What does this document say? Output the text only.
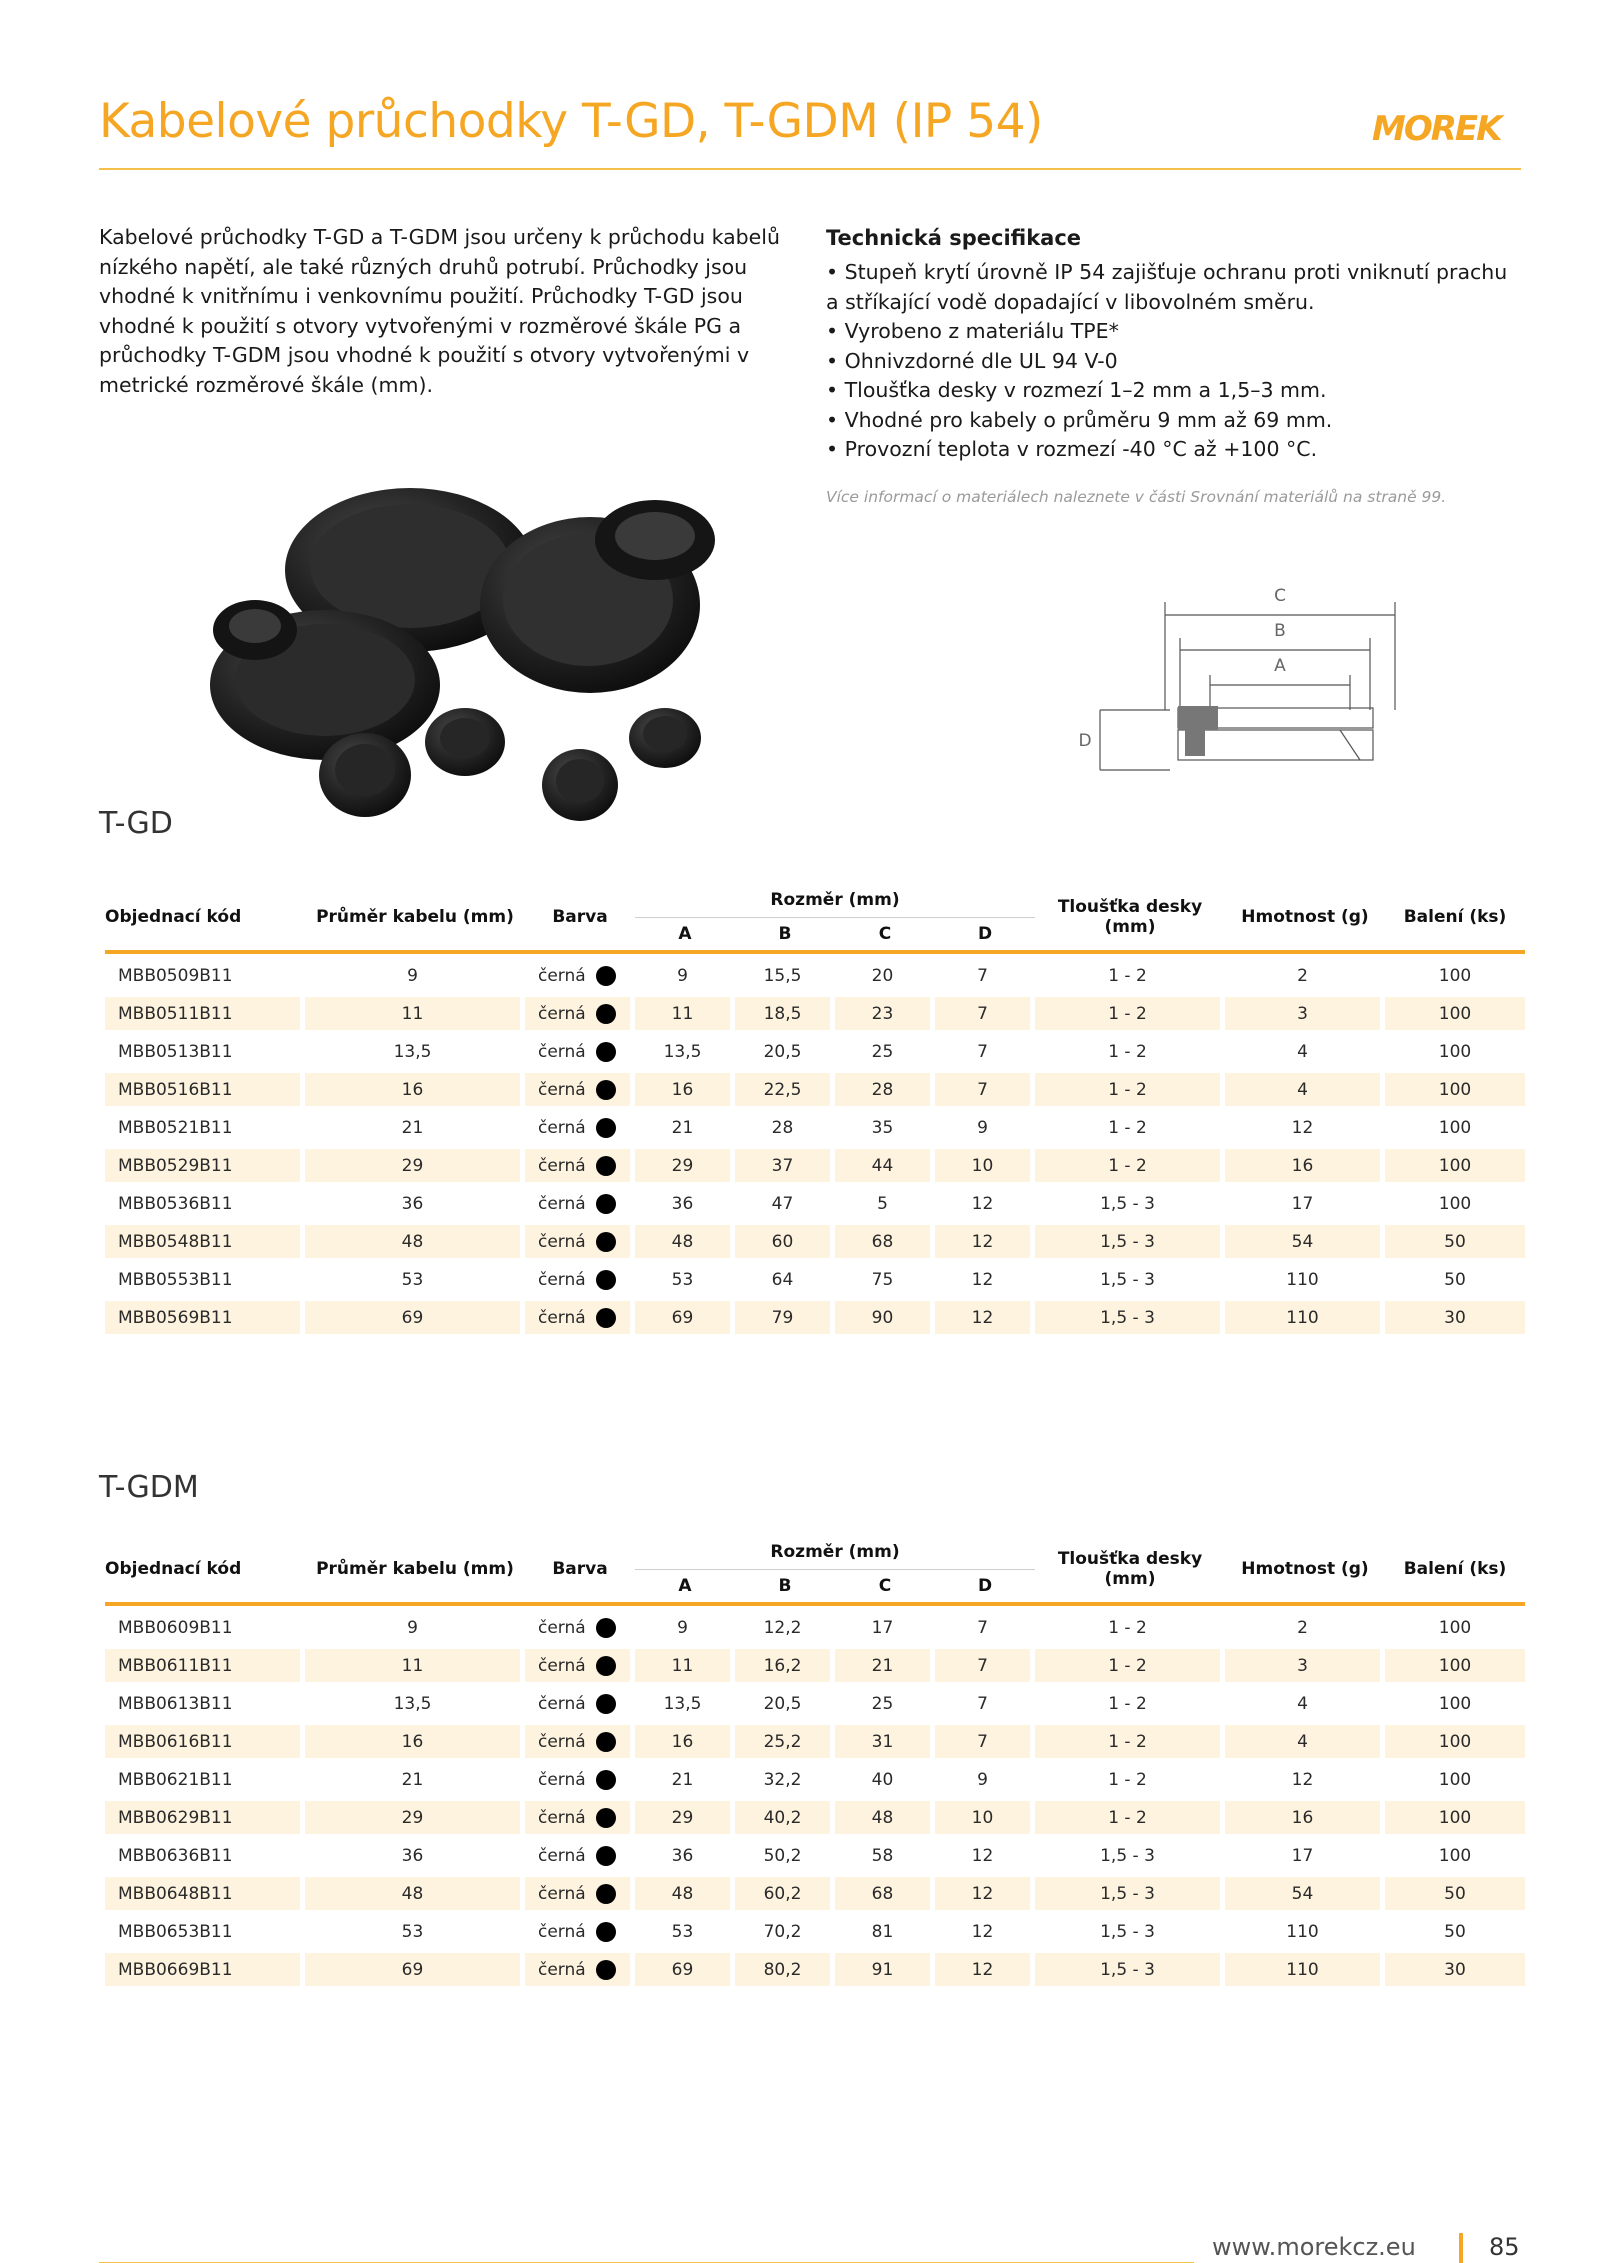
Kabelové průchodky T-GD, T-GDM (IP 54)	MOREK
Kabelové průchodky T-GD a T-GDM jsou určeny k průchodu kabelů nízkého napětí, ale také různých druhů potrubí. Průchodky jsou vhodné k vnitřnímu i venkovnímu použití. Průchodky T-GD jsou vhodné k použití s otvory vytvořenými v rozměrové škále PG a průchodky T-GDM jsou vhodné k použití s otvory vytvořenými v metrické rozměrové škále (mm).
Technická specifikace
• Stupeň krytí úrovně IP 54 zajišťuje ochranu proti vniknutí prachu a stříkající vodě dopadající v libovolném směru.
• Vyrobeno z materiálu TPE*
• Ohnivzdorné dle UL 94 V-0
• Tloušťka desky v rozmezí 1–2 mm a 1,5–3 mm.
• Vhodné pro kabely o průměru 9 mm až 69 mm.
• Provozní teplota v rozmezí -40 °C až +100 °C.
Více informací o materiálech naleznete v části Srovnání materiálů na straně 99.
C
B
A
D
T-GD
Objednací kód	Průměr kabelu (mm)	Barva	Rozměr (mm)				Tloušťka desky (mm)	Hmotnost (g)	Balení (ks)
			A	B	C	D			
MBB0509B11	9	černá	9	15,5	20	7	1 - 2	2	100
MBB0511B11	11	černá	11	18,5	23	7	1 - 2	3	100
MBB0513B11	13,5	černá	13,5	20,5	25	7	1 - 2	4	100
MBB0516B11	16	černá	16	22,5	28	7	1 - 2	4	100
MBB0521B11	21	černá	21	28	35	9	1 - 2	12	100
MBB0529B11	29	černá	29	37	44	10	1 - 2	16	100
MBB0536B11	36	černá	36	47	5	12	1,5 - 3	17	100
MBB0548B11	48	černá	48	60	68	12	1,5 - 3	54	50
MBB0553B11	53	černá	53	64	75	12	1,5 - 3	110	50
MBB0569B11	69	černá	69	79	90	12	1,5 - 3	110	30
T-GDM
Objednací kód	Průměr kabelu (mm)	Barva	Rozměr (mm)				Tloušťka desky (mm)	Hmotnost (g)	Balení (ks)
			A	B	C	D			
MBB0609B11	9	černá	9	12,2	17	7	1 - 2	2	100
MBB0611B11	11	černá	11	16,2	21	7	1 - 2	3	100
MBB0613B11	13,5	černá	13,5	20,5	25	7	1 - 2	4	100
MBB0616B11	16	černá	16	25,2	31	7	1 - 2	4	100
MBB0621B11	21	černá	21	32,2	40	9	1 - 2	12	100
MBB0629B11	29	černá	29	40,2	48	10	1 - 2	16	100
MBB0636B11	36	černá	36	50,2	58	12	1,5 - 3	17	100
MBB0648B11	48	černá	48	60,2	68	12	1,5 - 3	54	50
MBB0653B11	53	černá	53	70,2	81	12	1,5 - 3	110	50
MBB0669B11	69	černá	69	80,2	91	12	1,5 - 3	110	30
www.morekcz.eu	85
